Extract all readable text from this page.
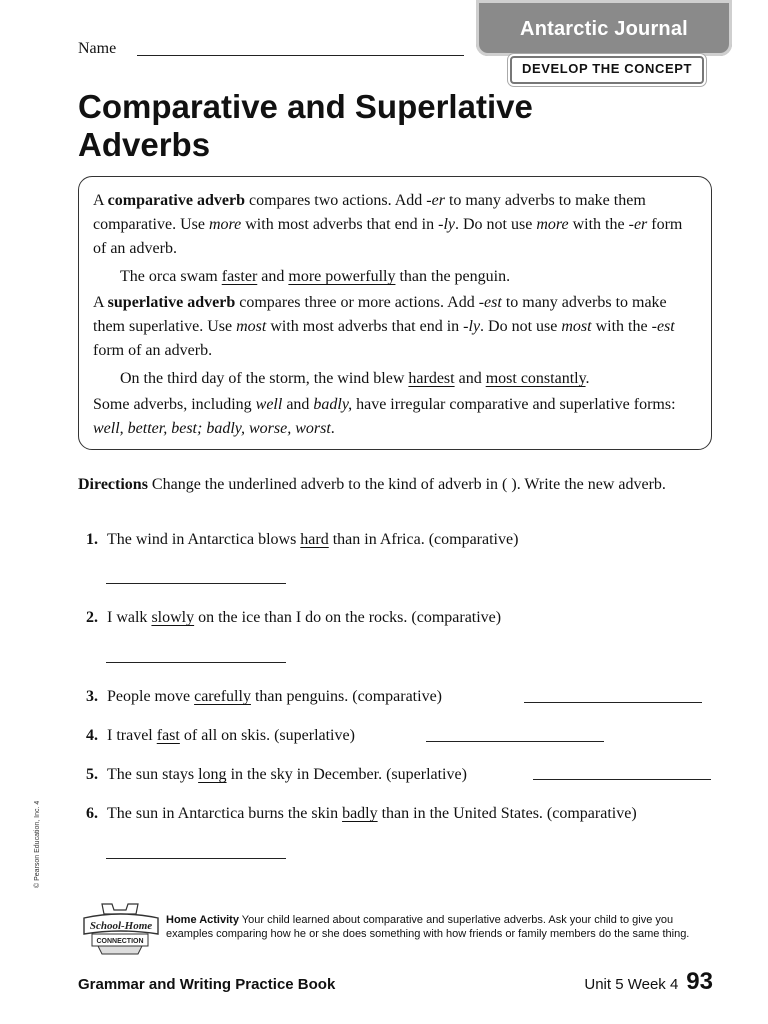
Name
Antarctic Journal
DEVELOP THE CONCEPT
Comparative and Superlative
Adverbs

A comparative adverb compares two actions. Add -er to many adverbs to make them comparative. Use more with most adverbs that end in -ly. Do not use more with the -er form of an adverb.

The orca swam faster and more powerfully than the penguin.

A superlative adverb compares three or more actions. Add -est to many adverbs to make them superlative. Use most with most adverbs that end in -ly. Do not use most with the -est form of an adverb.

On the third day of the storm, the wind blew hardest and most constantly.

Some adverbs, including well and badly, have irregular comparative and superlative forms: well, better, best; badly, worse, worst.

Directions Change the underlined adverb to the kind of adverb in ( ). Write the new adverb.
1. The wind in Antarctica blows hard than in Africa. (comparative)
2. I walk slowly on the ice than I do on the rocks. (comparative)
3. People move carefully than penguins. (comparative)
4. I travel fast of all on skis. (superlative)
5. The sun stays long in the sky in December. (superlative)
6. The sun in Antarctica burns the skin badly than in the United States. (comparative)
© Pearson Education, Inc. 4
School-Home
CONNECTION
Home Activity Your child learned about comparative and superlative adverbs. Ask your child to give you examples comparing how he or she does something with how friends or family members do the same thing.
Grammar and Writing Practice Book	Unit 5 Week 4 93
